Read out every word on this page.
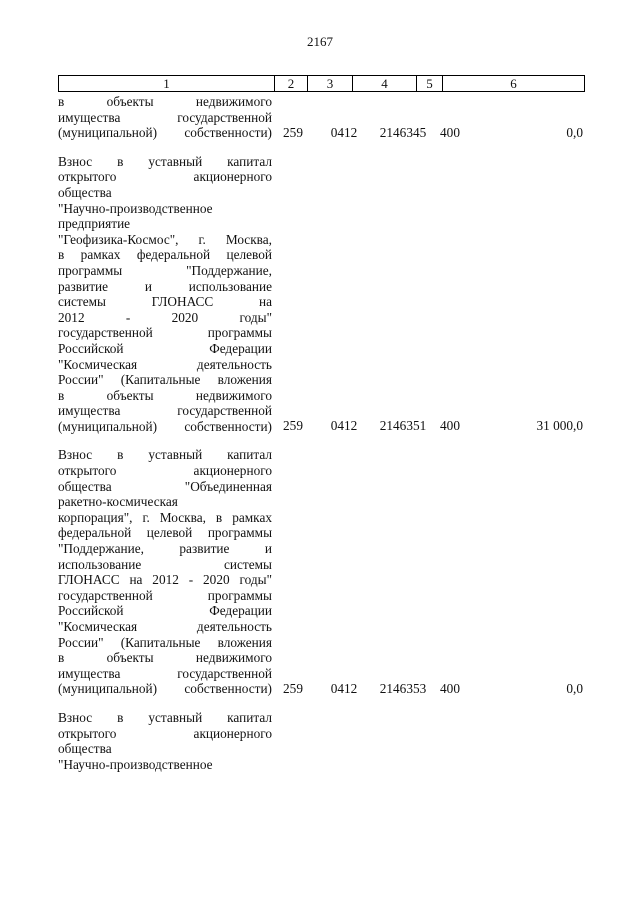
2167
1	2	3	4	5	6
в объекты недвижимого
имущества государственной
(муниципальной) собственности) 259	0412	2146345	400	0,0
Взнос в уставный капитал
открытого акционерного
общества
"Научно-производственное
предприятие
"Геофизика-Космос", г. Москва,
в рамках федеральной целевой
программы "Поддержание,
развитие и использование
системы ГЛОНАСС на
2012 - 2020 годы"
государственной программы
Российской Федерации
"Космическая деятельность
России" (Капитальные вложения
в объекты недвижимого
имущества государственной
(муниципальной) собственности) 259	0412	2146351	400	31 000,0
Взнос в уставный капитал
открытого акционерного
общества "Объединенная
ракетно-космическая
корпорация", г. Москва, в рамках
федеральной целевой программы
"Поддержание, развитие и
использование системы
ГЛОНАСС на 2012 - 2020 годы"
государственной программы
Российской Федерации
"Космическая деятельность
России" (Капитальные вложения
в объекты недвижимого
имущества государственной
(муниципальной) собственности) 259	0412	2146353	400	0,0
Взнос в уставный капитал
открытого акционерного
общества
"Научно-производственное
